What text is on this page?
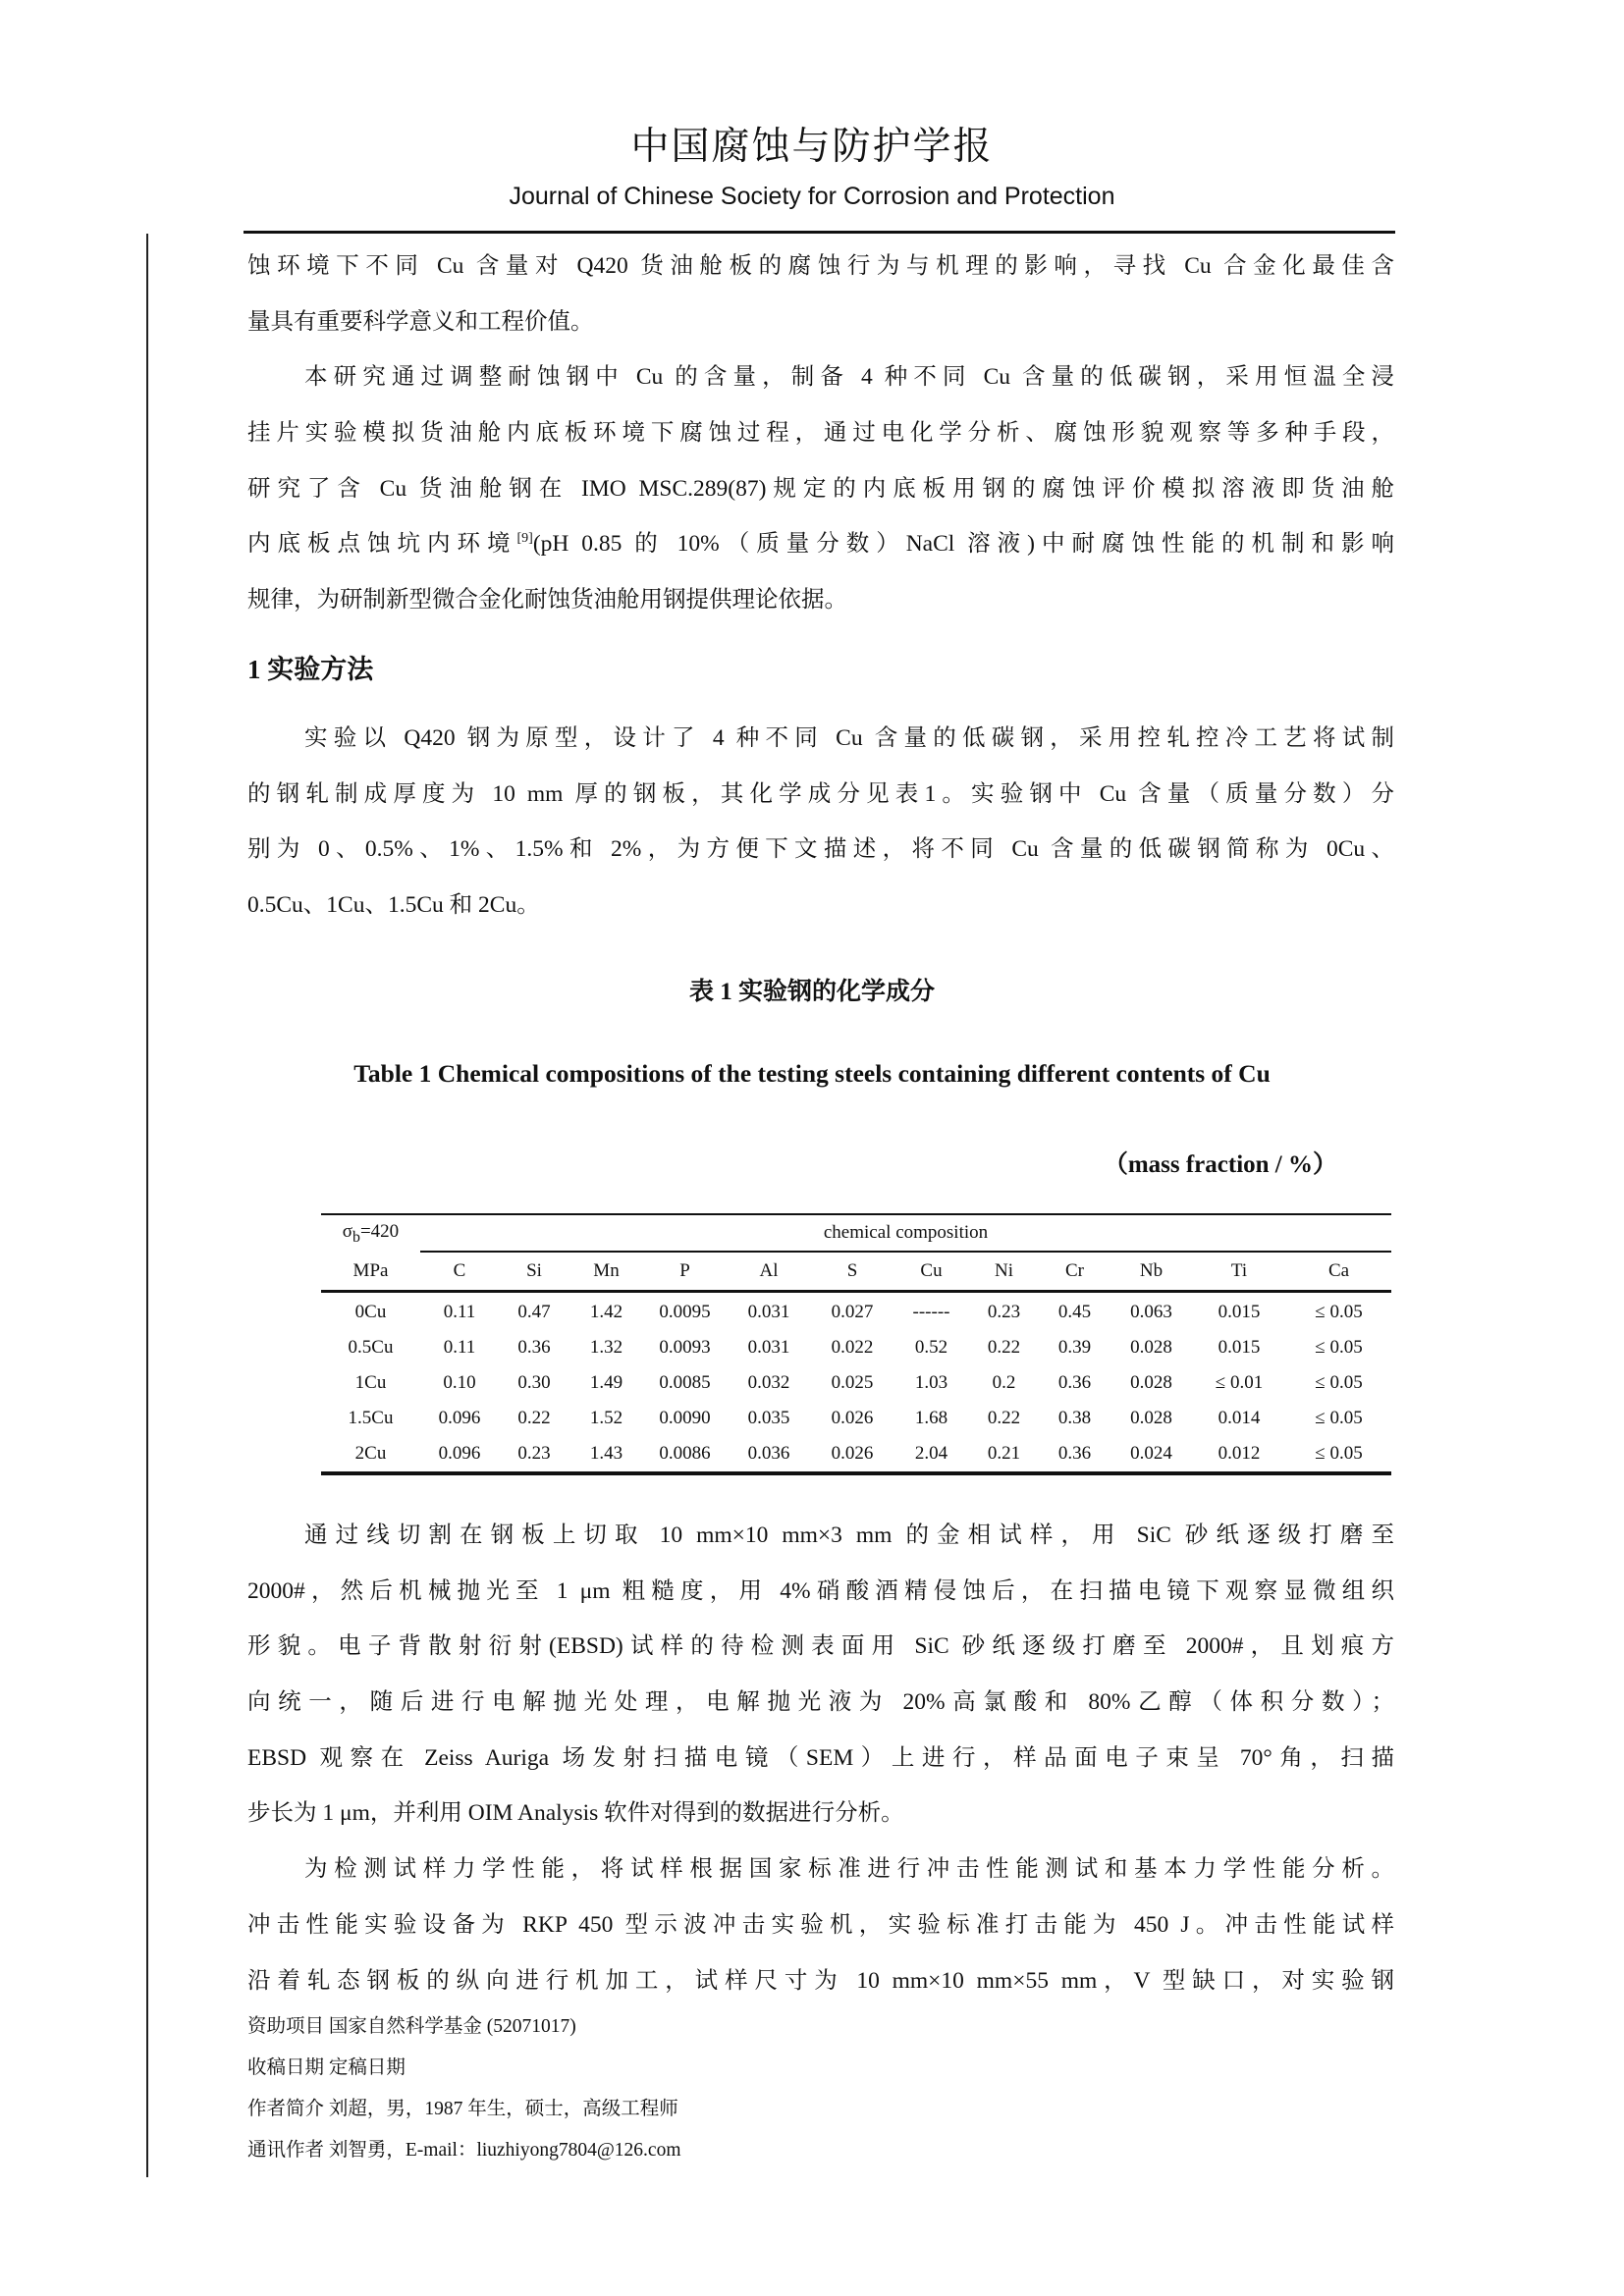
中国腐蚀与防护学报
Journal of Chinese Society for Corrosion and Protection
蚀环境下不同 Cu 含量对 Q420 货油舱板的腐蚀行为与机理的影响，寻找 Cu 合金化最佳含
量具有重要科学意义和工程价值。
本研究通过调整耐蚀钢中 Cu 的含量，制备 4 种不同 Cu 含量的低碳钢，采用恒温全浸
挂片实验模拟货油舱内底板环境下腐蚀过程，通过电化学分析、腐蚀形貌观察等多种手段，
研究了含 Cu 货油舱钢在 IMO MSC.289(87)规定的内底板用钢的腐蚀评价模拟溶液即货油舱
内底板点蚀坑内环境[9](pH 0.85 的 10%（质量分数）NaCl 溶液)中耐腐蚀性能的机制和影响
规律，为研制新型微合金化耐蚀货油舱用钢提供理论依据。
1 实验方法
实验以 Q420 钢为原型，设计了 4 种不同 Cu 含量的低碳钢，采用控轧控冷工艺将试制
的钢轧制成厚度为 10 mm 厚的钢板，其化学成分见表1。实验钢中 Cu 含量（质量分数）分
别为 0、0.5%、1%、1.5%和 2%，为方便下文描述，将不同 Cu 含量的低碳钢简称为 0Cu、
0.5Cu、1Cu、1.5Cu 和 2Cu。
表 1 实验钢的化学成分
Table 1 Chemical compositions of the testing steels containing different contents of Cu
（mass fraction / %）
$\sigma_b=420$	chemical composition											
MPa	C	Si	Mn	P	Al	S	Cu	Ni	Cr	Nb	Ti	Ca
0Cu	0.11	0.47	1.42	0.0095	0.031	0.027	------	0.23	0.45	0.063	0.015	≤ 0.05
0.5Cu	0.11	0.36	1.32	0.0093	0.031	0.022	0.52	0.22	0.39	0.028	0.015	≤ 0.05
1Cu	0.10	0.30	1.49	0.0085	0.032	0.025	1.03	0.2	0.36	0.028	≤ 0.01	≤ 0.05
1.5Cu	0.096	0.22	1.52	0.0090	0.035	0.026	1.68	0.22	0.38	0.028	0.014	≤ 0.05
2Cu	0.096	0.23	1.43	0.0086	0.036	0.026	2.04	0.21	0.36	0.024	0.012	≤ 0.05
通过线切割在钢板上切取 10 mm×10 mm×3 mm 的金相试样，用 SiC 砂纸逐级打磨至
2000#，然后机械抛光至 1 μm 粗糙度，用 4%硝酸酒精侵蚀后，在扫描电镜下观察显微组织
形貌。电子背散射衍射(EBSD)试样的待检测表面用 SiC 砂纸逐级打磨至 2000#，且划痕方
向统一，随后进行电解抛光处理，电解抛光液为 20%高氯酸和 80%乙醇（体积分数）；
EBSD 观察在 Zeiss Auriga 场发射扫描电镜（SEM）上进行，样品面电子束呈 70°角，扫描
步长为 1 μm，并利用 OIM Analysis 软件对得到的数据进行分析。
为检测试样力学性能，将试样根据国家标准进行冲击性能测试和基本力学性能分析。
冲击性能实验设备为 RKP 450 型示波冲击实验机，实验标准打击能为 450 J。冲击性能试样
沿着轧态钢板的纵向进行机加工，试样尺寸为 10 mm×10 mm×55 mm，V 型缺口，对实验钢
资助项目 国家自然科学基金 (52071017)
收稿日期 定稿日期
作者简介 刘超，男，1987 年生，硕士，高级工程师
通讯作者 刘智勇，E-mail：liuzhiyong7804@126.com
